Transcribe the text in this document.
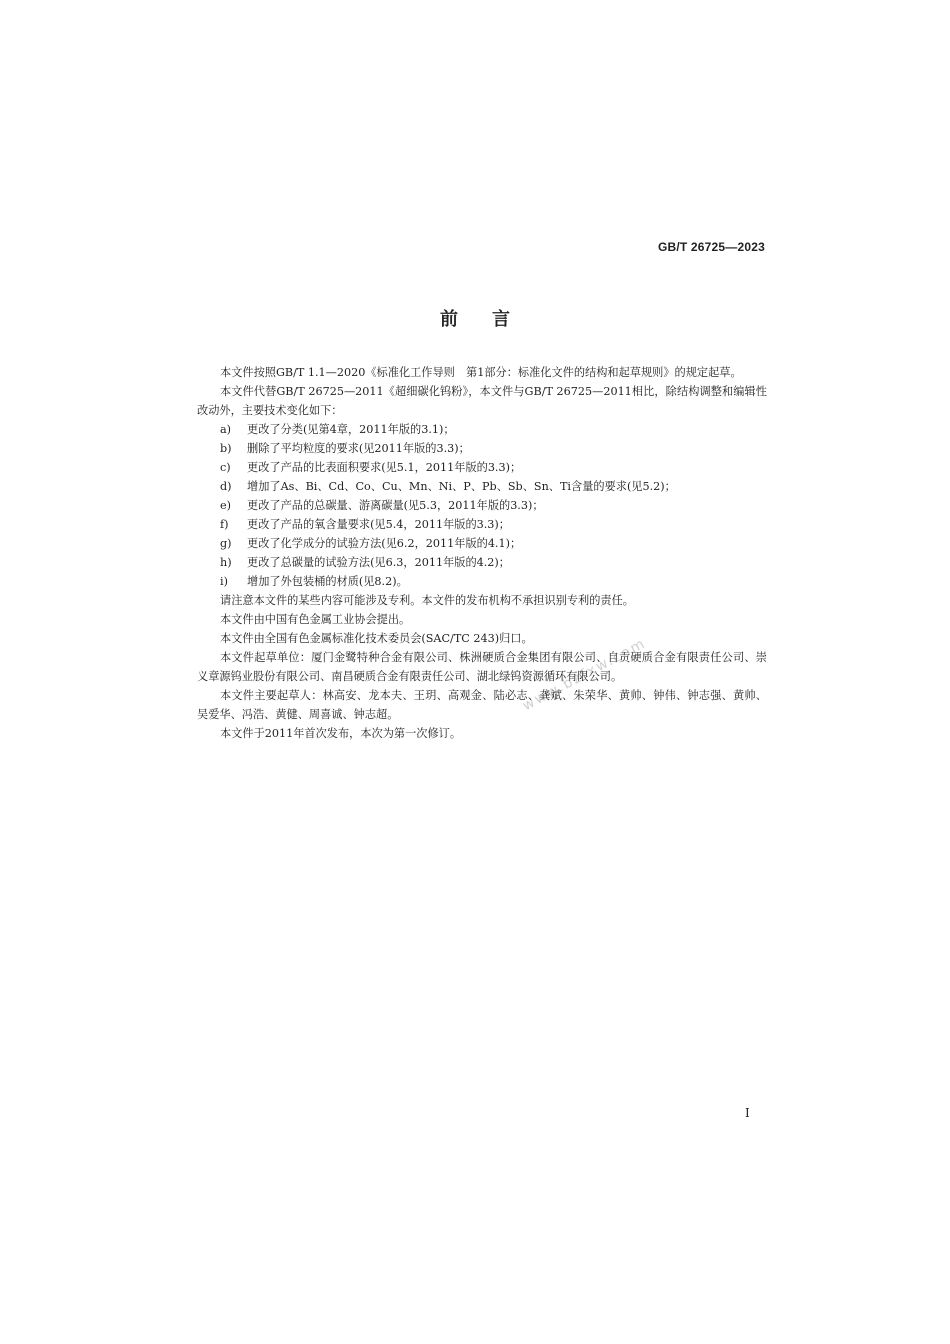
GB/T 26725—2023
前言

本文件按照GB/T 1.1—2020《标准化工作导则　第1部分：标准化文件的结构和起草规则》的规定起草。

本文件代替GB/T 26725—2011《超细碳化钨粉》，本文件与GB/T 26725—2011相比，除结构调整和编辑性改动外，主要技术变化如下：

a)	更改了分类(见第4章，2011年版的3.1)；
b)	删除了平均粒度的要求(见2011年版的3.3)；
c)	更改了产品的比表面积要求(见5.1，2011年版的3.3)；
d)	增加了As、Bi、Cd、Co、Cu、Mn、Ni、P、Pb、Sb、Sn、Ti含量的要求(见5.2)；
e)	更改了产品的总碳量、游离碳量(见5.3，2011年版的3.3)；
f)	更改了产品的氧含量要求(见5.4，2011年版的3.3)；
g)	更改了化学成分的试验方法(见6.2，2011年版的4.1)；
h)	更改了总碳量的试验方法(见6.3，2011年版的4.2)；
i)	增加了外包装桶的材质(见8.2)。

请注意本文件的某些内容可能涉及专利。本文件的发布机构不承担识别专利的责任。

本文件由中国有色金属工业协会提出。

本文件由全国有色金属标准化技术委员会(SAC/TC 243)归口。

本文件起草单位：厦门金鹭特种合金有限公司、株洲硬质合金集团有限公司、自贡硬质合金有限责任公司、崇义章源钨业股份有限公司、南昌硬质合金有限责任公司、湖北绿钨资源循环有限公司。

本文件主要起草人：林高安、龙本夫、王玥、高观金、陆必志、龚斌、朱荣华、黄帅、钟伟、钟志强、黄帅、吴爱华、冯浩、黄健、周喜诚、钟志超。

本文件于2011年首次发布，本次为第一次修订。

www.bzfxw.com
I
